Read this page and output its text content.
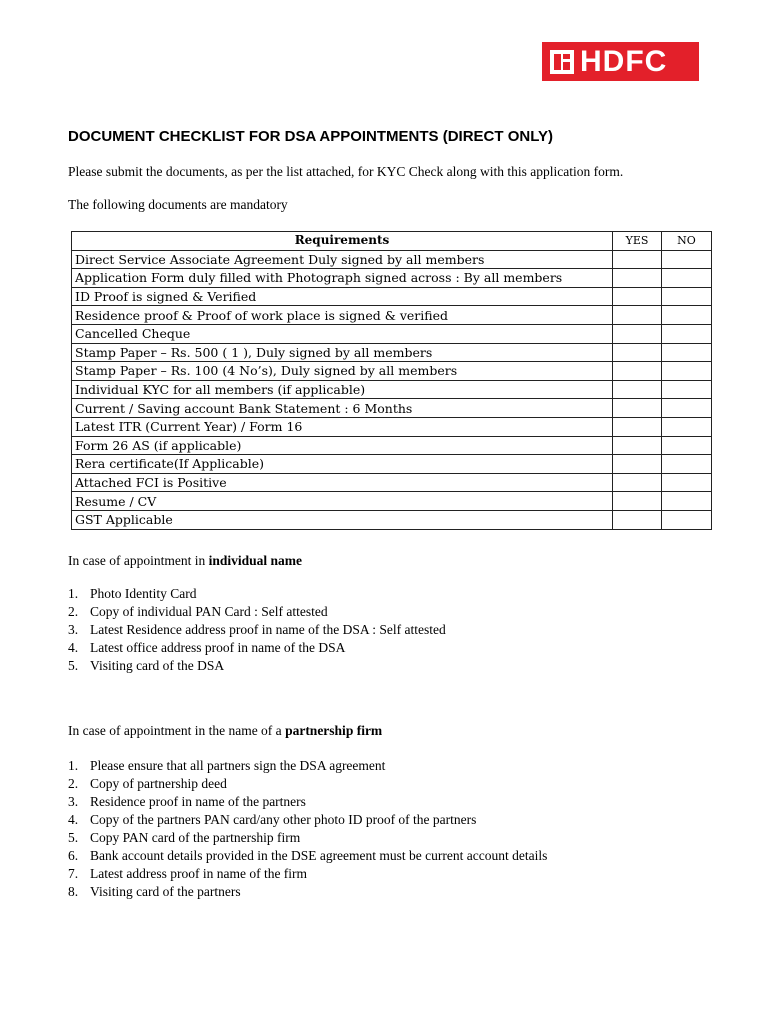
HDFC
DOCUMENT CHECKLIST FOR DSA APPOINTMENTS (DIRECT ONLY)

Please submit the documents, as per the list attached, for KYC Check along with this application form.

The following documents are mandatory

Requirements	YES	NO
Direct Service Associate Agreement Duly signed by all members		
Application Form duly filled with Photograph signed across : By all members		
ID Proof is signed & Verified		
Residence proof & Proof of work place is signed & verified		
Cancelled Cheque		
Stamp Paper – Rs. 500 ( 1 ), Duly signed by all members		
Stamp Paper – Rs. 100 (4 No’s), Duly signed by all members		
Individual KYC for all members (if applicable)		
Current / Saving account Bank Statement : 6 Months		
Latest ITR (Current Year) / Form 16		
Form 26 AS (if applicable)		
Rera certificate(If Applicable)		
Attached FCI is Positive		
Resume / CV		
GST Applicable		

In case of appointment in individual name

1. Photo Identity Card
2. Copy of individual PAN Card : Self attested
3. Latest Residence address proof in name of the DSA : Self attested
4. Latest office address proof in name of the DSA
5. Visiting card of the DSA

In case of appointment in the name of a partnership firm

1. Please ensure that all partners sign the DSA agreement
2. Copy of partnership deed
3. Residence proof in name of the partners
4. Copy of the partners PAN card/any other photo ID proof of the partners
5. Copy PAN card of the partnership firm
6. Bank account details provided in the DSE agreement must be current account details
7. Latest address proof in name of the firm
8. Visiting card of the partners
